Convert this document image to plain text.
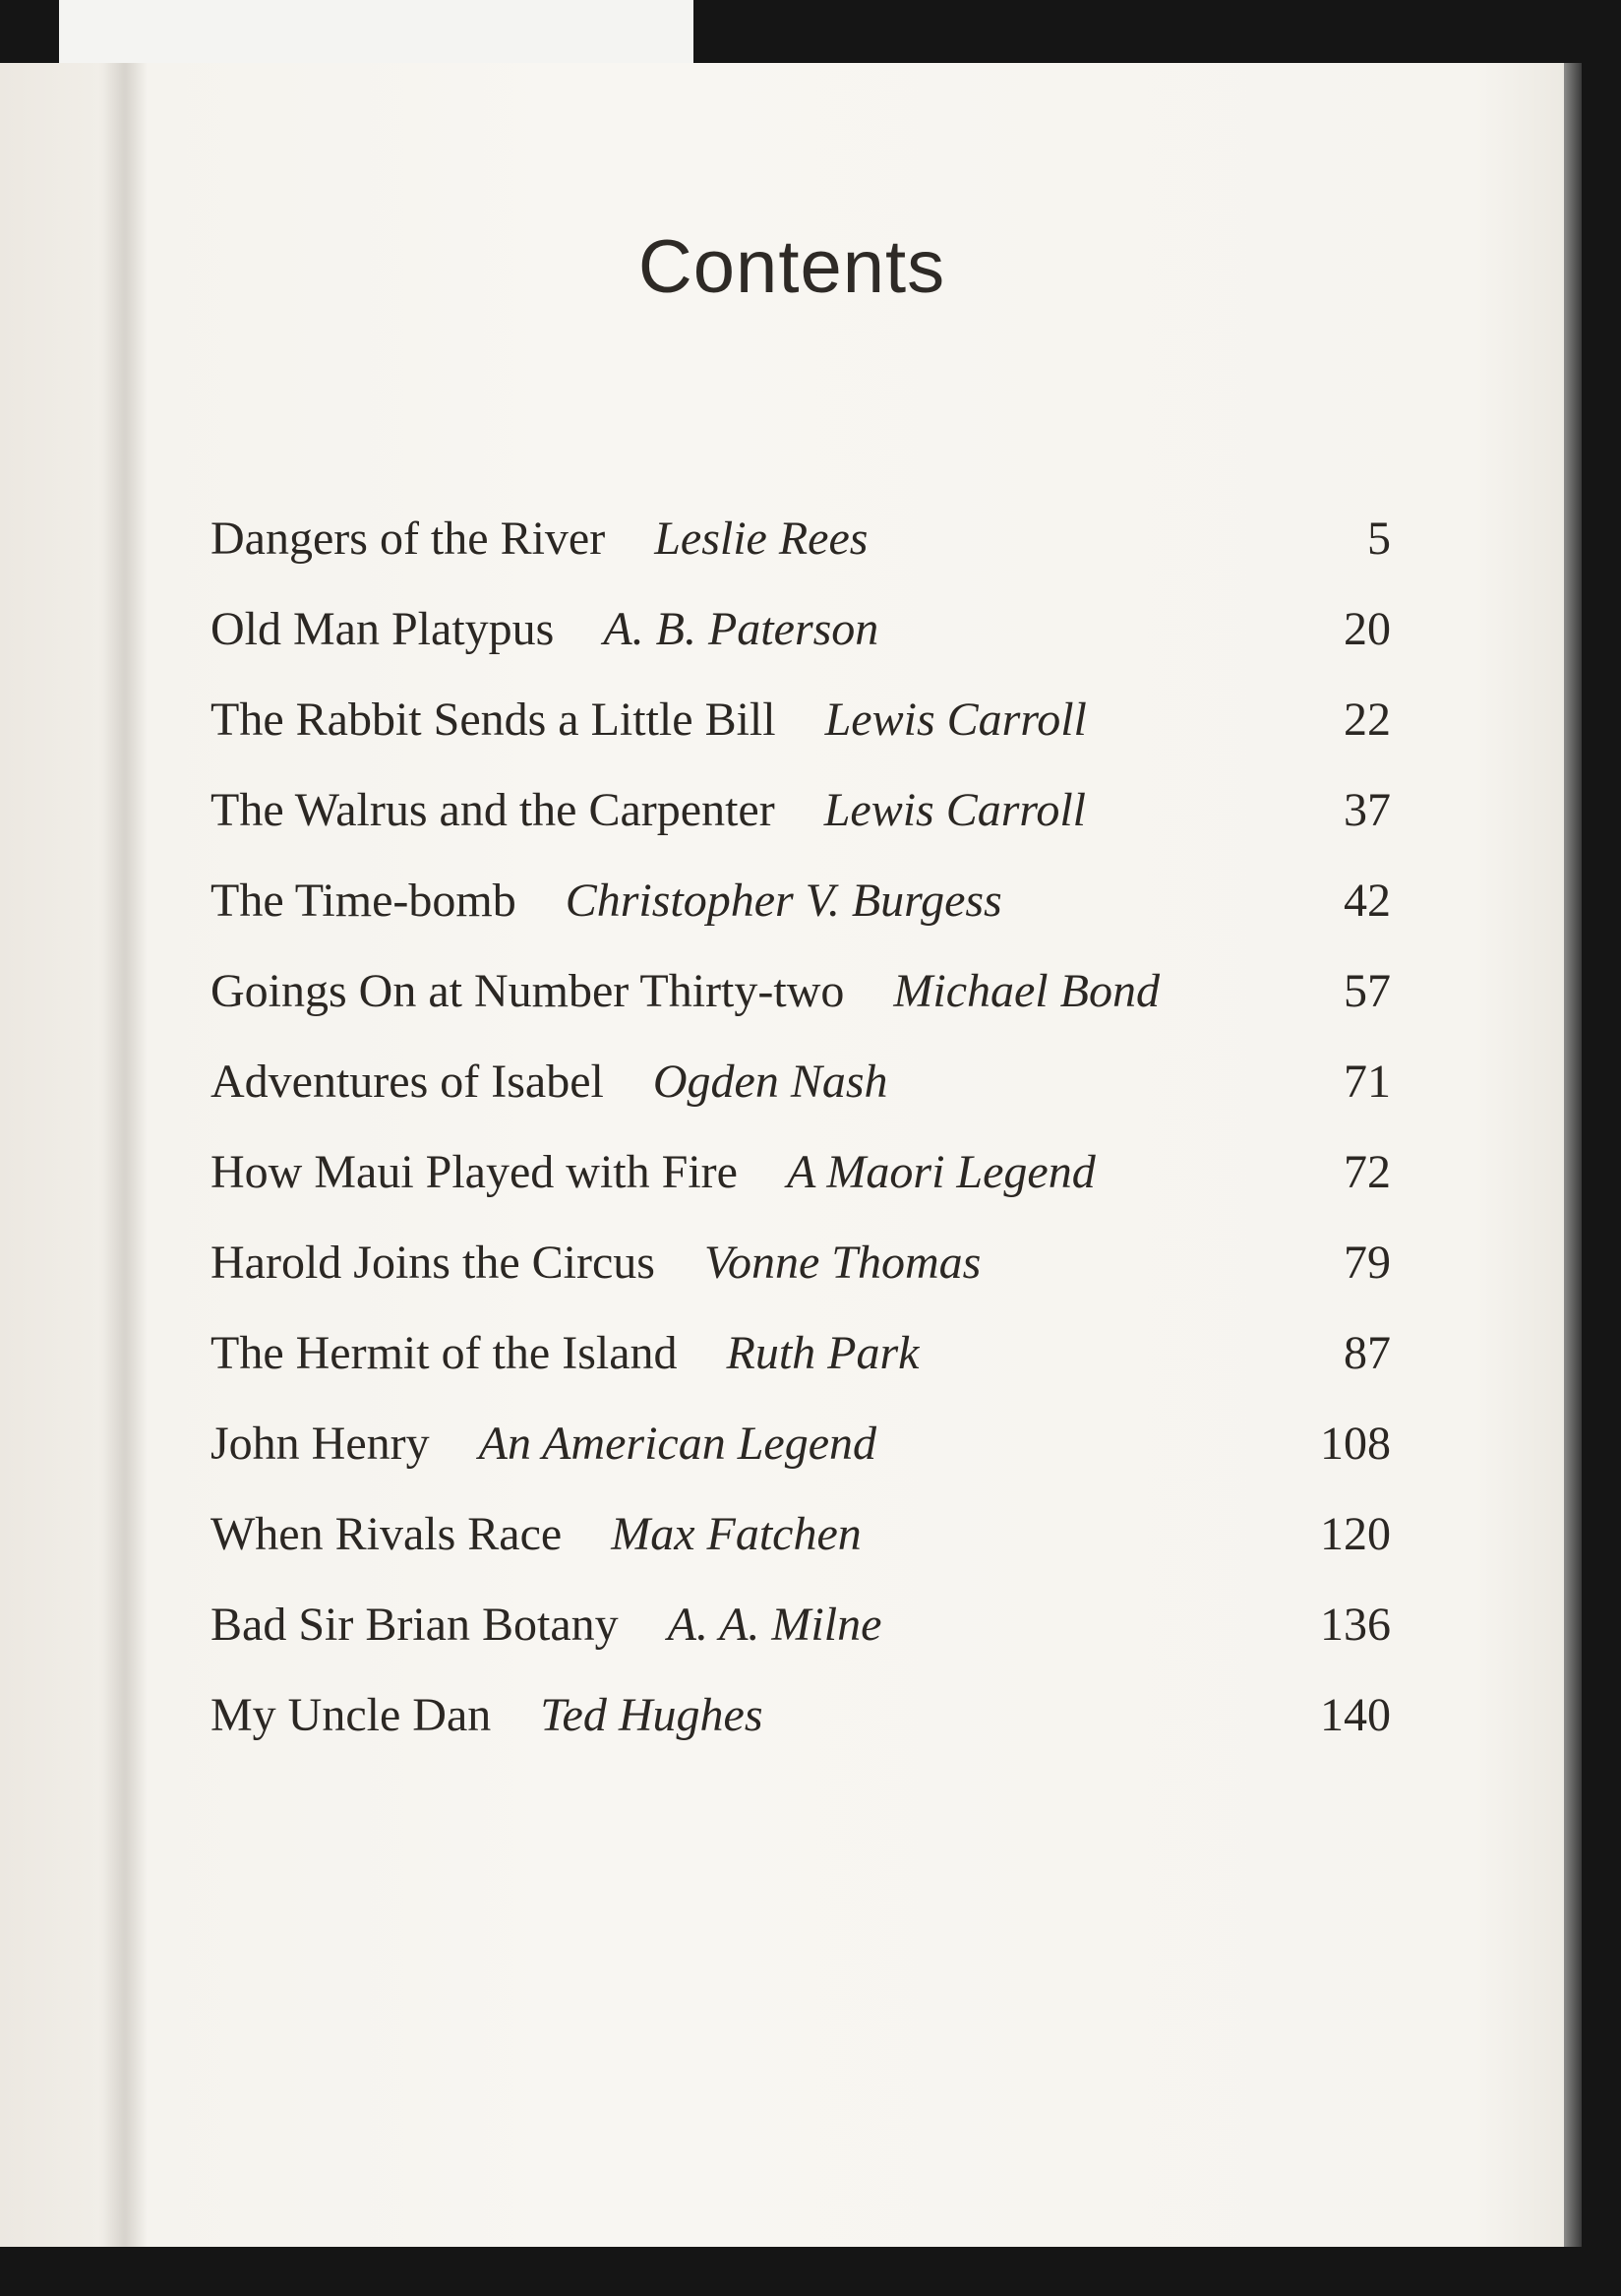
Contents
Dangers of the River Leslie Rees	5
Old Man Platypus A. B. Paterson	20
The Rabbit Sends a Little Bill Lewis Carroll	22
The Walrus and the Carpenter Lewis Carroll	37
The Time-bomb Christopher V. Burgess	42
Goings On at Number Thirty-two Michael Bond	57
Adventures of Isabel Ogden Nash	71
How Maui Played with Fire A Maori Legend	72
Harold Joins the Circus Vonne Thomas	79
The Hermit of the Island Ruth Park	87
John Henry An American Legend	108
When Rivals Race Max Fatchen	120
Bad Sir Brian Botany A. A. Milne	136
My Uncle Dan Ted Hughes	140
